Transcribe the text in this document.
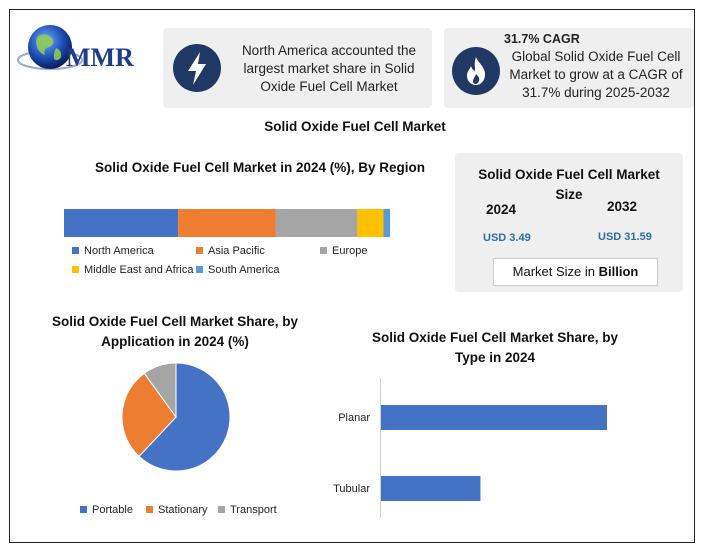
MMR	North America accounted the largest market share in Solid Oxide Fuel Cell Market
31.7% CAGR
Global Solid Oxide Fuel Cell Market to grow at a CAGR of 31.7% during 2025-2032
Solid Oxide Fuel Cell Market
Solid Oxide Fuel Cell Market in 2024 (%), By Region
North America	Asia Pacific	Europe
Middle East and Africa	South America
Solid Oxide Fuel Cell Market Size
2024	2032
USD 3.49	USD 31.59
Market Size in Billion
Solid Oxide Fuel Cell Market Share, by Application in 2024 (%)
Portable	Stationary	Transport
Solid Oxide Fuel Cell Market Share, by Type in 2024
Planar
Tubular
